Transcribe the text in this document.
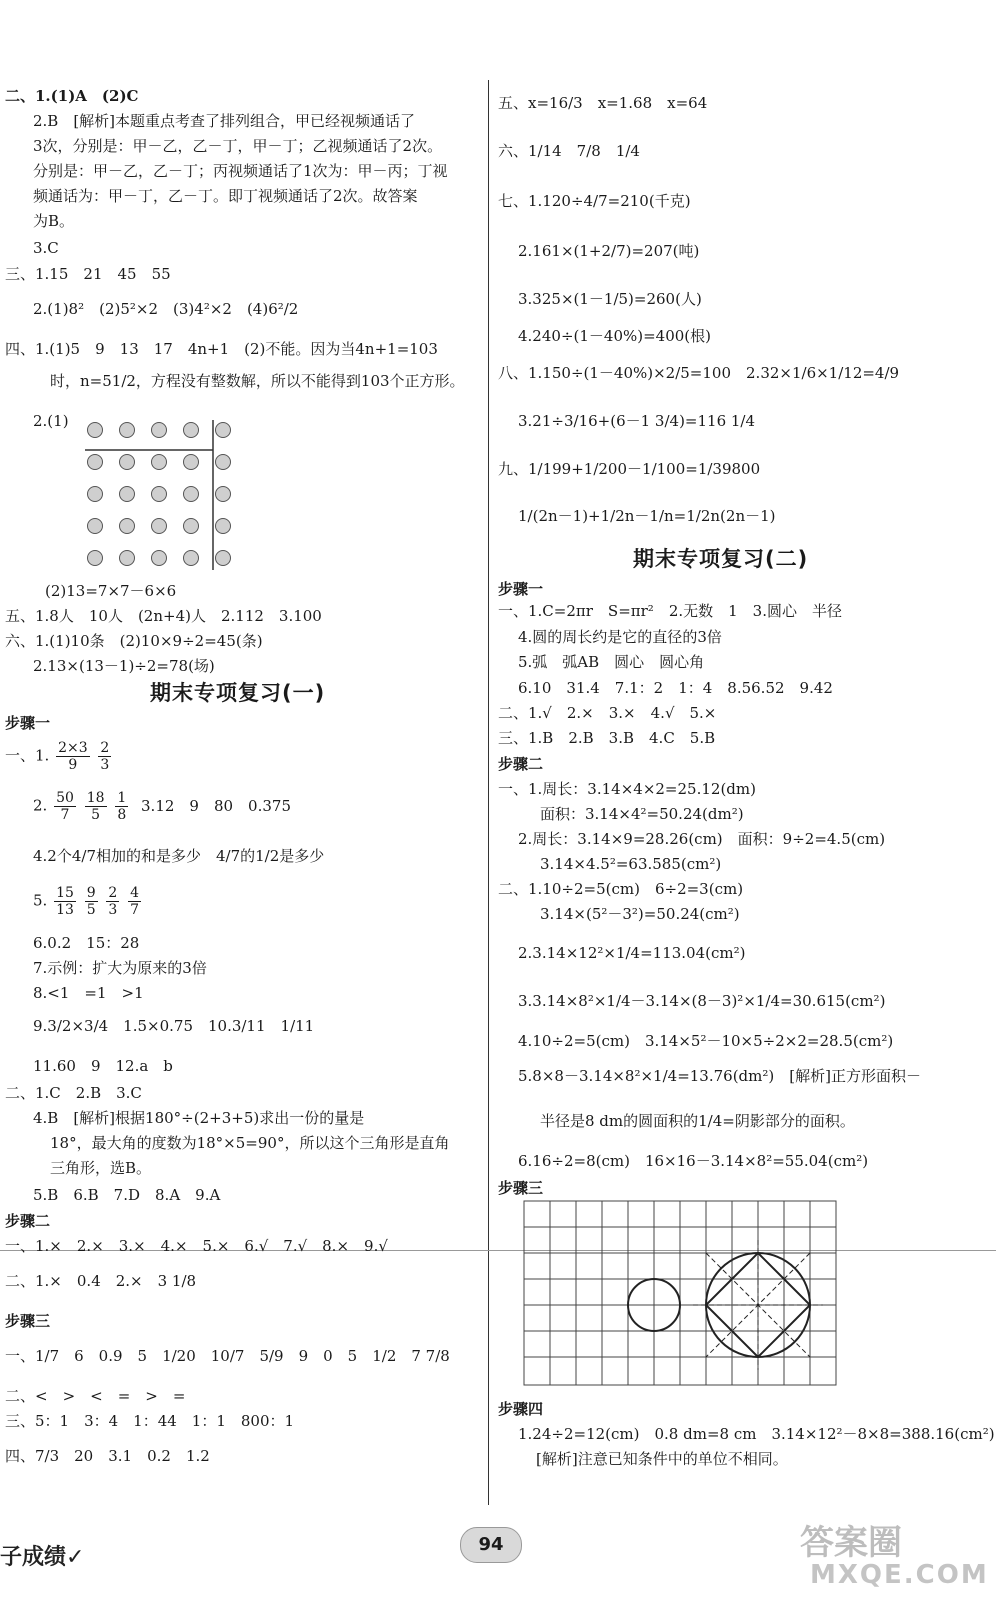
二、1.(1)A　(2)C
2.B　[解析]本题重点考查了排列组合，甲已经视频通话了
3次，分别是：甲－乙，乙－丁，甲－丁；乙视频通话了2次。
分别是：甲－乙，乙－丁；丙视频通话了1次为：甲－丙；丁视
频通话为：甲－丁，乙－丁。即丁视频通话了2次。故答案
为B。
3.C
三、1.15　21　45　55
2.(1)8²　(2)5²×2　(3)4²×2　(4)6²/2
四、1.(1)5　9　13　17　4n+1　(2)不能。因为当4n+1=103
时，n=51/2，方程没有整数解，所以不能得到103个正方形。
2.(1)
(2)13=7×7－6×6
五、1.8人　10人　(2n+4)人　2.112　3.100
六、1.(1)10条　(2)10×9÷2=45(条)
2.13×(13－1)÷2=78(场)
期末专项复习(一)
步骤一
一、1. $\frac{2\times 3}{9}$
$\frac{2}{3}$
2. $\frac{50}{7}$
$\frac{18}{5}$
$\frac{1}{8} 3.12$　9　80　0.375
4.2个4/7相加的和是多少　4/7的1/2是多少
5. $\frac{15}{13}$
$\frac{9}{5}$
$\frac{2}{3}$
$\frac{4}{7}$
6.0.2　15：28
7.示例：扩大为原来的3倍
8.<1　=1　>1
9.3/2×3/4　1.5×0.75　10.3/11　1/11
11.60　9　12.a　b
二、1.C　2.B　3.C
4.B　[解析]根据180°÷(2+3+5)求出一份的量是
18°，最大角的度数为18°×5=90°，所以这个三角形是直角
三角形，选B。
5.B　6.B　7.D　8.A　9.A
步骤二
一、1.×　2.×　3.×　4.×　5.×　6.√　7.√　8.×　9.√
二、1.×　0.4　2.×　3 1/8
步骤三
一、1/7　6　0.9　5　1/20　10/7　5/9　9　0　5　1/2　7 7/8
二、<　>　<　=　>　=
三、5：1　3：4　1：44　1：1　800：1
四、7/3　20　3.1　0.2　1.2
五、x=16/3　x=1.68　x=64
六、1/14　7/8　1/4
七、1.120÷4/7=210(千克)
2.161×(1+2/7)=207(吨)
3.325×(1－1/5)=260(人)
4.240÷(1－40%)=400(根)
八、1.150÷(1－40%)×2/5=100　2.32×1/6×1/12=4/9
3.21÷3/16+(6－1 3/4)=116 1/4
九、1/199+1/200－1/100=1/39800
1/(2n－1)+1/2n－1/n=1/2n(2n－1)
期末专项复习(二)
步骤一
一、1.C=2πr　S=πr²　2.无数　1　3.圆心　半径
4.圆的周长约是它的直径的3倍
5.弧　弧AB　圆心　圆心角
6.10　31.4　7.1：2　1：4　8.56.52　9.42
二、1.√　2.×　3.×　4.√　5.×
三、1.B　2.B　3.B　4.C　5.B
步骤二
一、1.周长：3.14×4×2=25.12(dm)
面积：3.14×4²=50.24(dm²)
2.周长：3.14×9=28.26(cm)　面积：9÷2=4.5(cm)
3.14×4.5²=63.585(cm²)
二、1.10÷2=5(cm)　6÷2=3(cm)
3.14×(5²－3²)=50.24(cm²)
2.3.14×12²×1/4=113.04(cm²)
3.3.14×8²×1/4－3.14×(8－3)²×1/4=30.615(cm²)
4.10÷2=5(cm)　3.14×5²－10×5÷2×2=28.5(cm²)
5.8×8－3.14×8²×1/4=13.76(dm²)　[解析]正方形面积－
半径是8 dm的圆面积的1/4=阴影部分的面积。
6.16÷2=8(cm)　16×16－3.14×8²=55.04(cm²)
步骤三
步骤四
1.24÷2=12(cm)　0.8 dm=8 cm　3.14×12²－8×8=388.16(cm²)
[解析]注意已知条件中的单位不相同。
子成绩✓
94	答案圈
MXQE.COM
